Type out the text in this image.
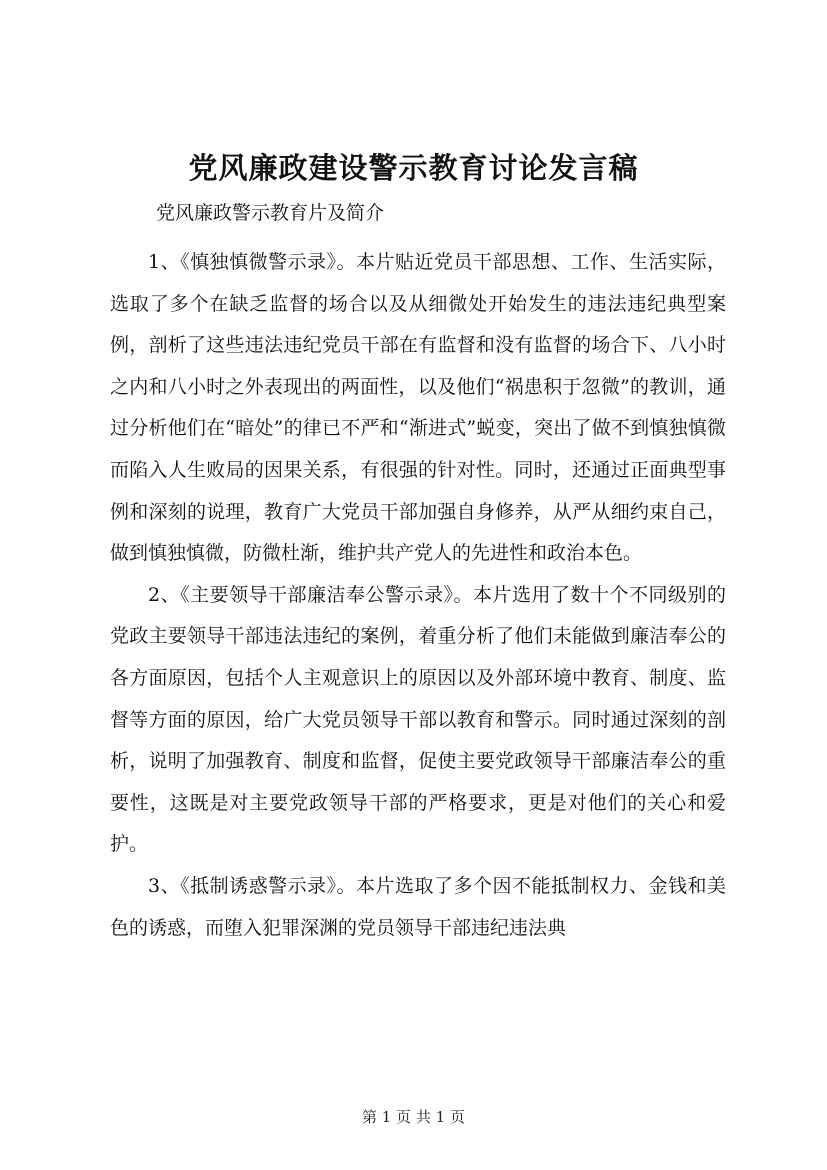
党风廉政建设警示教育讨论发言稿
党风廉政警示教育片及简介

1、《慎独慎微警示录》。本片贴近党员干部思想、工作、生活实际，选取了多个在缺乏监督的场合以及从细微处开始发生的违法违纪典型案例，剖析了这些违法违纪党员干部在有监督和没有监督的场合下、八小时之内和八小时之外表现出的两面性，以及他们“祸患积于忽微”的教训，通过分析他们在“暗处”的律已不严和“渐进式”蜕变，突出了做不到慎独慎微而陷入人生败局的因果关系，有很强的针对性。同时，还通过正面典型事例和深刻的说理，教育广大党员干部加强自身修养，从严从细约束自己，做到慎独慎微，防微杜渐，维护共产党人的先进性和政治本色。

2、《主要领导干部廉洁奉公警示录》。本片选用了数十个不同级别的党政主要领导干部违法违纪的案例，着重分析了他们未能做到廉洁奉公的各方面原因，包括个人主观意识上的原因以及外部环境中教育、制度、监督等方面的原因，给广大党员领导干部以教育和警示。同时通过深刻的剖析，说明了加强教育、制度和监督，促使主要党政领导干部廉洁奉公的重要性，这既是对主要党政领导干部的严格要求，更是对他们的关心和爱护。

3、《抵制诱惑警示录》。本片选取了多个因不能抵制权力、金钱和美色的诱惑，而堕入犯罪深渊的党员领导干部违纪违法典

第 1 页 共 1 页
